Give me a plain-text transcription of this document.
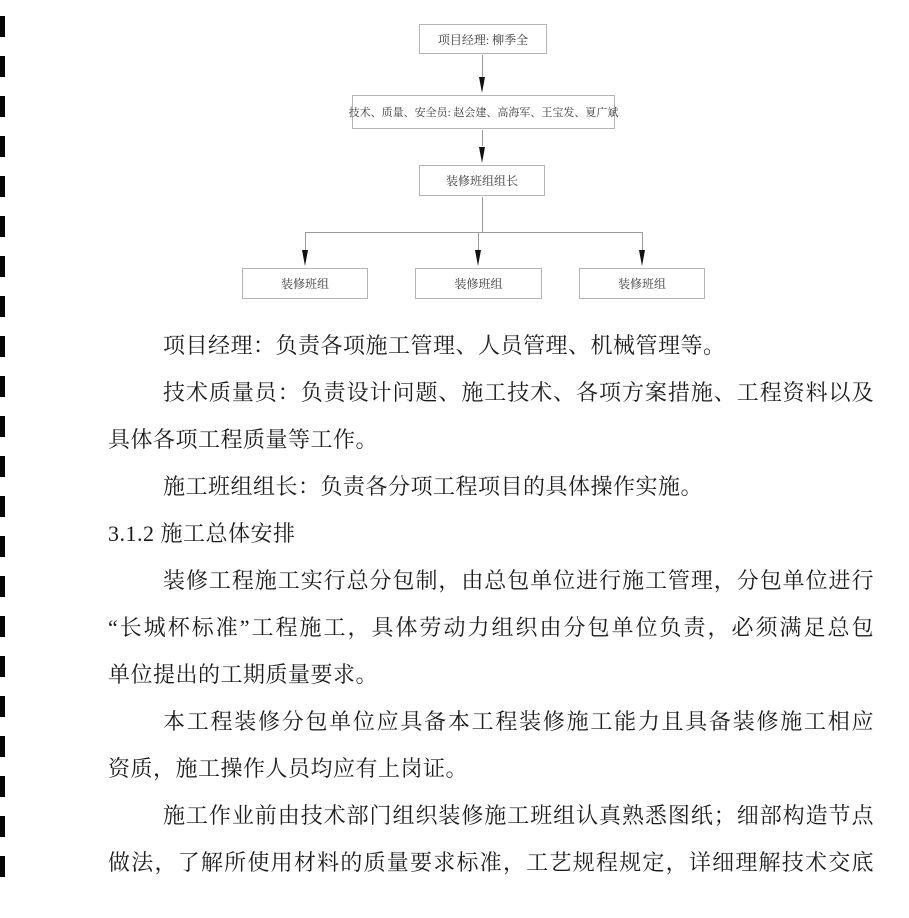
项目经理: 柳季全
技术、质量、安全员: 赵会建、高海军、王宝发、夏广斌
装修班组组长
装修班组	装修班组	装修班组
项目经理：负责各项施工管理、人员管理、机械管理等。
技术质量员：负责设计问题、施工技术、各项方案措施、工程资料以及
具体各项工程质量等工作。
施工班组组长：负责各分项工程项目的具体操作实施。
3.1.2 施工总体安排
装修工程施工实行总分包制，由总包单位进行施工管理，分包单位进行
“长城杯标准”工程施工，具体劳动力组织由分包单位负责，必须满足总包
单位提出的工期质量要求。
本工程装修分包单位应具备本工程装修施工能力且具备装修施工相应
资质，施工操作人员均应有上岗证。
施工作业前由技术部门组织装修施工班组认真熟悉图纸；细部构造节点
做法，了解所使用材料的质量要求标准，工艺规程规定，详细理解技术交底
